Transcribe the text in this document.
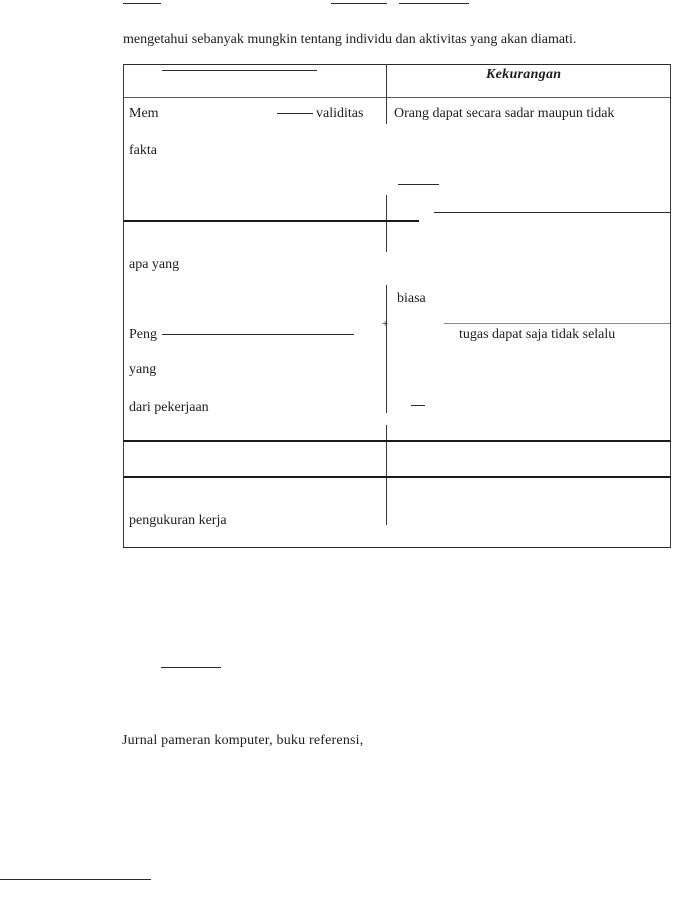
mengetahui sebanyak mungkin tentang individu dan aktivitas yang akan diamati.
Kekurangan
Mem	validitas
fakta
Orang dapat secara sadar maupun tidak
apa yang
biasa
+
Peng
yang
dari pekerjaan
tugas dapat saja tidak selalu
pengukuran kerja
Jurnal pameran komputer, buku referensi,
